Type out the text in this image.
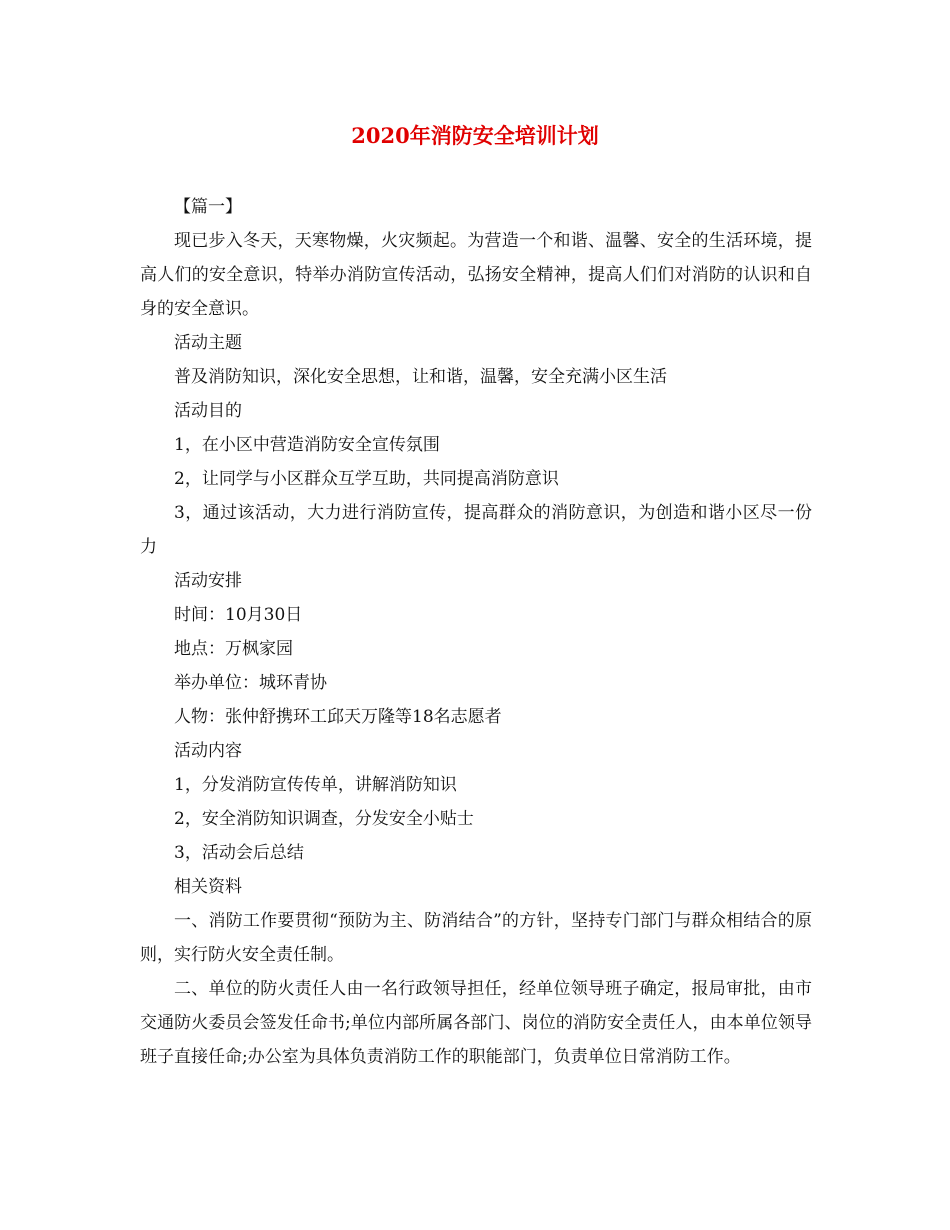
2020年消防安全培训计划

【篇一】

现已步入冬天，天寒物燥，火灾频起。为营造一个和谐、温馨、安全的生活环境，提高人们的安全意识，特举办消防宣传活动，弘扬安全精神，提高人们们对消防的认识和自身的安全意识。

活动主题

普及消防知识，深化安全思想，让和谐，温馨，安全充满小区生活

活动目的

1，在小区中营造消防安全宣传氛围

2，让同学与小区群众互学互助，共同提高消防意识

3，通过该活动，大力进行消防宣传，提高群众的消防意识，为创造和谐小区尽一份力

活动安排

时间：10月30日

地点：万枫家园

举办单位：城环青协

人物：张仲舒携环工邱天万隆等18名志愿者

活动内容

1，分发消防宣传传单，讲解消防知识

2，安全消防知识调查，分发安全小贴士

3，活动会后总结

相关资料

一、消防工作要贯彻“预防为主、防消结合”的方针，坚持专门部门与群众相结合的原则，实行防火安全责任制。

二、单位的防火责任人由一名行政领导担任，经单位领导班子确定，报局审批，由市交通防火委员会签发任命书;单位内部所属各部门、岗位的消防安全责任人，由本单位领导班子直接任命;办公室为具体负责消防工作的职能部门，负责单位日常消防工作。
